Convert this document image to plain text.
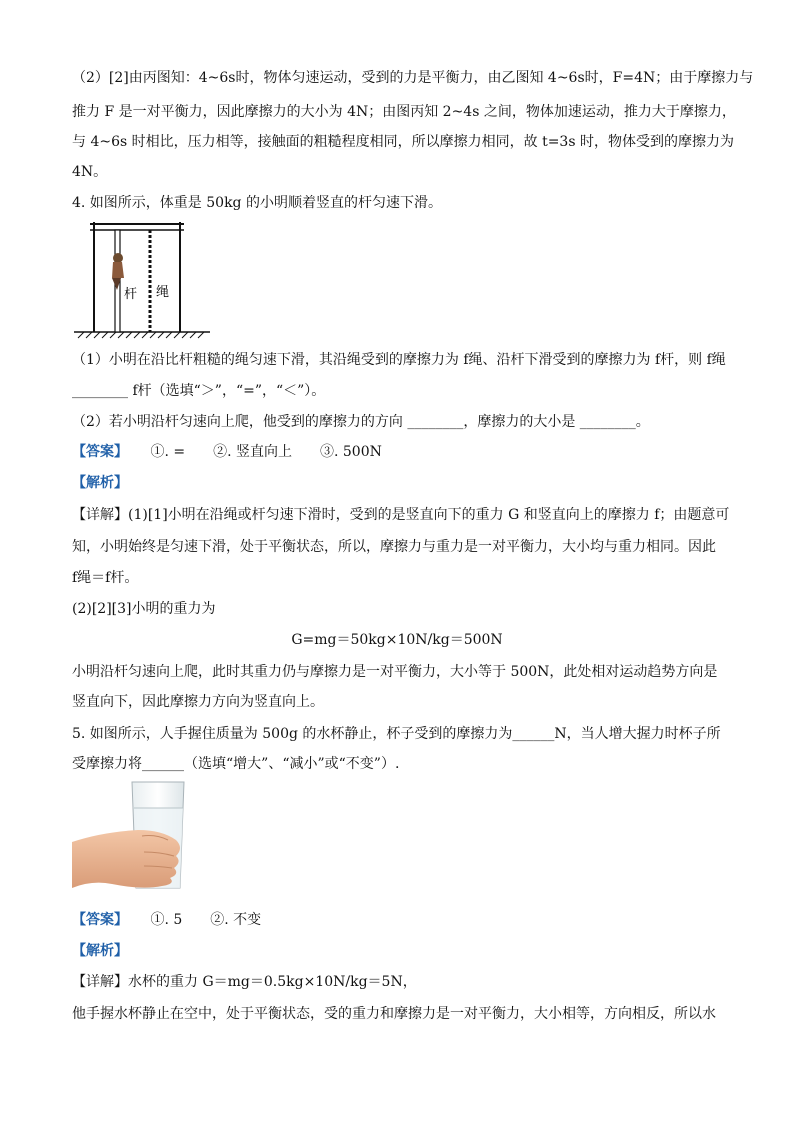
（2）[2]由丙图知：4~6s时，物体匀速运动，受到的力是平衡力，由乙图知 4~6s时，F=4N；由于摩擦力与
推力 F 是一对平衡力，因此摩擦力的大小为 4N；由图丙知 2~4s 之间，物体加速运动，推力大于摩擦力，
与 4~6s 时相比，压力相等，接触面的粗糙程度相同，所以摩擦力相同，故 t=3s 时，物体受到的摩擦力为
4N。
4. 如图所示，体重是 50kg 的小明顺着竖直的杆匀速下滑。
杆 绳
（1）小明在沿比杆粗糙的绳匀速下滑，其沿绳受到的摩擦力为 f绳、沿杆下滑受到的摩擦力为 f杆，则 f绳
________ f杆（选填“＞”，“=”，“＜”）。
（2）若小明沿杆匀速向上爬，他受到的摩擦力的方向 ________，摩擦力的大小是 ________。
【答案】 ①. =　　②. 竖直向上　　③. 500N
【解析】
【详解】(1)[1]小明在沿绳或杆匀速下滑时，受到的是竖直向下的重力 G 和竖直向上的摩擦力 f；由题意可
知，小明始终是匀速下滑，处于平衡状态，所以，摩擦力与重力是一对平衡力，大小均与重力相同。因此
f绳＝f杆。
(2)[2][3]小明的重力为
G=mg＝50kg×10N/kg＝500N
小明沿杆匀速向上爬，此时其重力仍与摩擦力是一对平衡力，大小等于 500N，此处相对运动趋势方向是
竖直向下，因此摩擦力方向为竖直向上。
5. 如图所示，人手握住质量为 500g 的水杯静止，杯子受到的摩擦力为______N，当人增大握力时杯子所
受摩擦力将______（选填“增大”、“减小”或“不变”）.
【答案】 ①. 5　　②. 不变
【解析】
【详解】水杯的重力 G＝mg＝0.5kg×10N/kg＝5N，
他手握水杯静止在空中，处于平衡状态，受的重力和摩擦力是一对平衡力，大小相等，方向相反，所以水
